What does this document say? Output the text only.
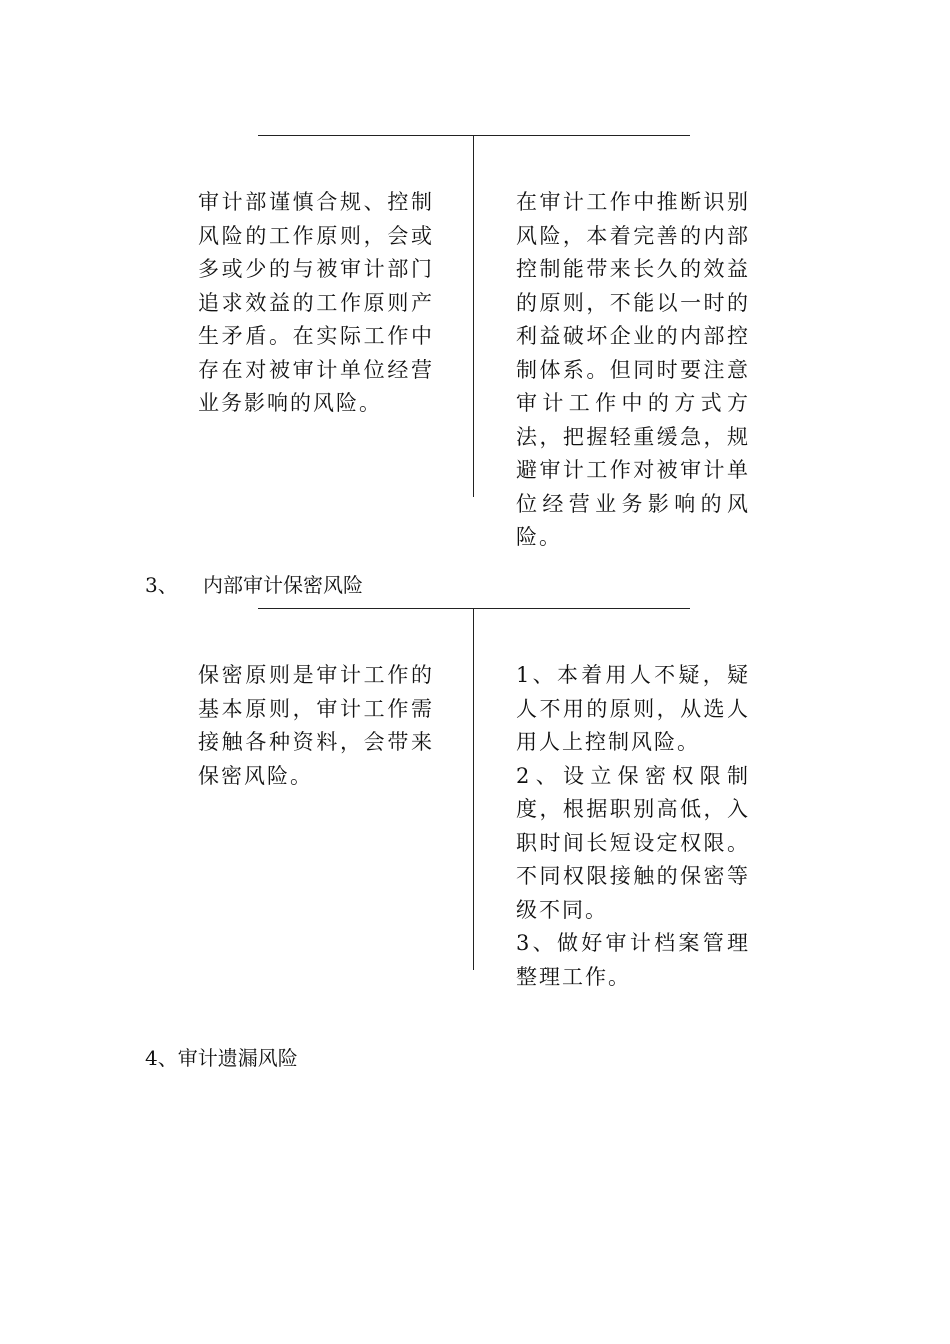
审计部谨慎合规、控制风险的工作原则，会或多或少的与被审计部门追求效益的工作原则产生矛盾。在实际工作中存在对被审计单位经营业务影响的风险。

在审计工作中推断识别风险，本着完善的内部控制能带来长久的效益的原则，不能以一时的利益破坏企业的内部控制体系。但同时要注意审计工作中的方式方法，把握轻重缓急，规避审计工作对被审计单位经营业务影响的风险。

3、 内部审计保密风险

保密原则是审计工作的基本原则，审计工作需接触各种资料，会带来保密风险。

1、本着用人不疑，疑人不用的原则，从选人用人上控制风险。

2、设立保密权限制度，根据职别高低，入职时间长短设定权限。不同权限接触的保密等级不同。

3、做好审计档案管理整理工作。

4、审计遗漏风险
